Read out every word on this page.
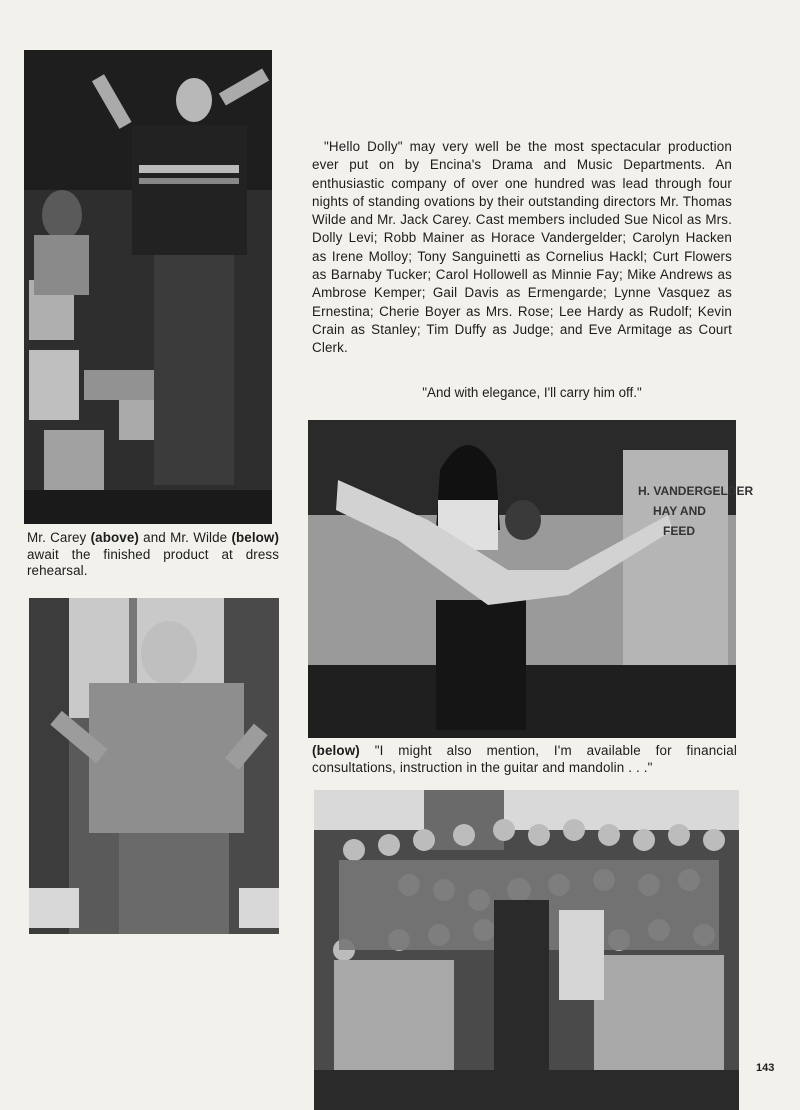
Mr. Carey (above) and Mr. Wilde (below) await the finished product at dress rehearsal.

"Hello Dolly" may very well be the most spectacular production ever put on by Encina's Drama and Music Departments. An enthusiastic company of over one hundred was lead through four nights of standing ovations by their outstanding directors Mr. Thomas Wilde and Mr. Jack Carey. Cast members included Sue Nicol as Mrs. Dolly Levi; Robb Mainer as Horace Vandergelder; Carolyn Hacken as Irene Molloy; Tony Sanguinetti as Cornelius Hackl; Curt Flowers as Barnaby Tucker; Carol Hollowell as Minnie Fay; Mike Andrews as Ambrose Kemper; Gail Davis as Ermengarde; Lynne Vasquez as Ernestina; Cherie Boyer as Mrs. Rose; Lee Hardy as Rudolf; Kevin Crain as Stanley; Tim Duffy as Judge; and Eve Armitage as Court Clerk.

"And with elegance, I'll carry him off."
H. VANDERGELDER
HAY AND
FEED
(below) "I might also mention, I'm available for financial consultations, instruction in the guitar and mandolin . . ."
143
